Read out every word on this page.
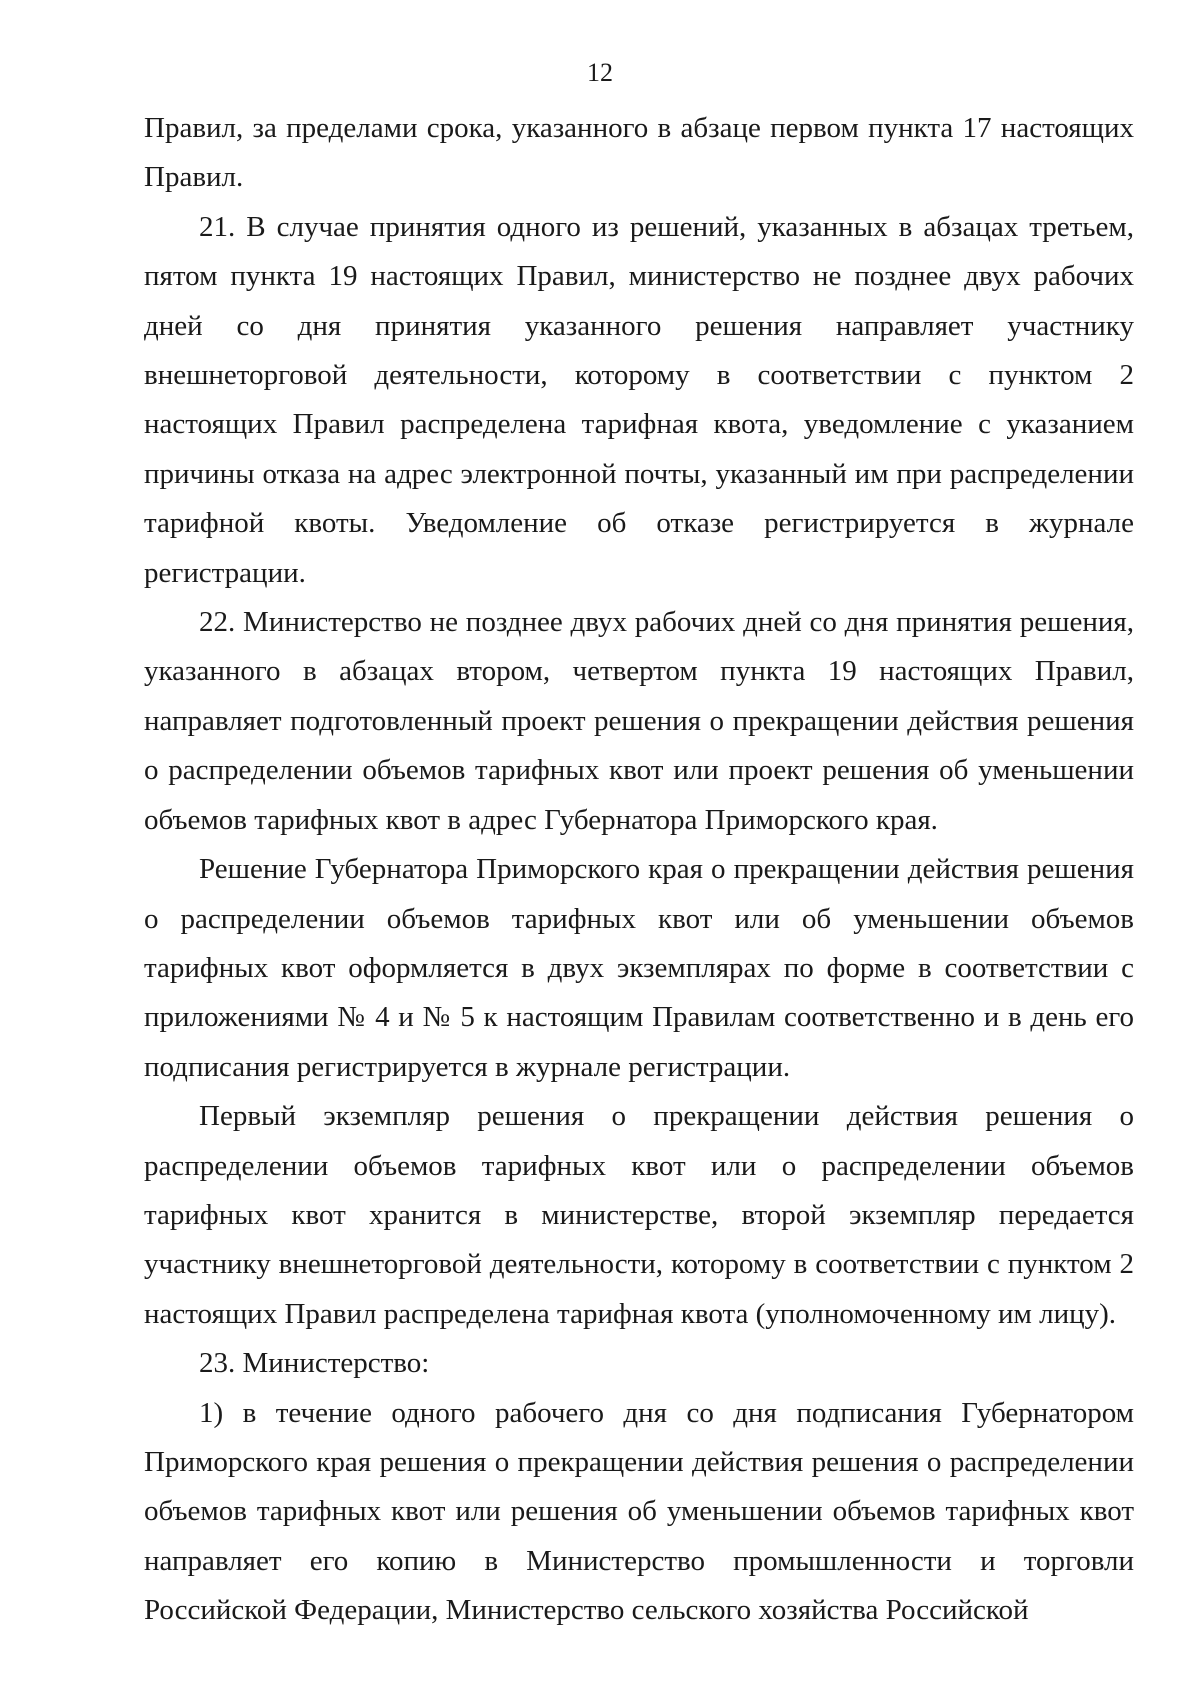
12

Правил, за пределами срока, указанного в абзаце первом пункта 17 настоящих Правил.

21. В случае принятия одного из решений, указанных в абзацах третьем, пятом пункта 19 настоящих Правил, министерство не позднее двух рабочих дней со дня принятия указанного решения направляет участнику внешнеторговой деятельности, которому в соответствии с пунктом 2 настоящих Правил распределена тарифная квота, уведомление с указанием причины отказа на адрес электронной почты, указанный им при распределении тарифной квоты. Уведомление об отказе регистрируется в журнале регистрации.

22. Министерство не позднее двух рабочих дней со дня принятия решения, указанного в абзацах втором, четвертом пункта 19 настоящих Правил, направляет подготовленный проект решения о прекращении действия решения о распределении объемов тарифных квот или проект решения об уменьшении объемов тарифных квот в адрес Губернатора Приморского края.

Решение Губернатора Приморского края о прекращении действия решения о распределении объемов тарифных квот или об уменьшении объемов тарифных квот оформляется в двух экземплярах по форме в соответствии с приложениями № 4 и № 5 к настоящим Правилам соответственно и в день его подписания регистрируется в журнале регистрации.

Первый экземпляр решения о прекращении действия решения о распределении объемов тарифных квот или о распределении объемов тарифных квот хранится в министерстве, второй экземпляр передается участнику внешнеторговой деятельности, которому в соответствии с пунктом 2 настоящих Правил распределена тарифная квота (уполномоченному им лицу).

23. Министерство:

1) в течение одного рабочего дня со дня подписания Губернатором Приморского края решения о прекращении действия решения о распределении объемов тарифных квот или решения об уменьшении объемов тарифных квот направляет его копию в Министерство промышленности и торговли Российской Федерации, Министерство сельского хозяйства Российской
